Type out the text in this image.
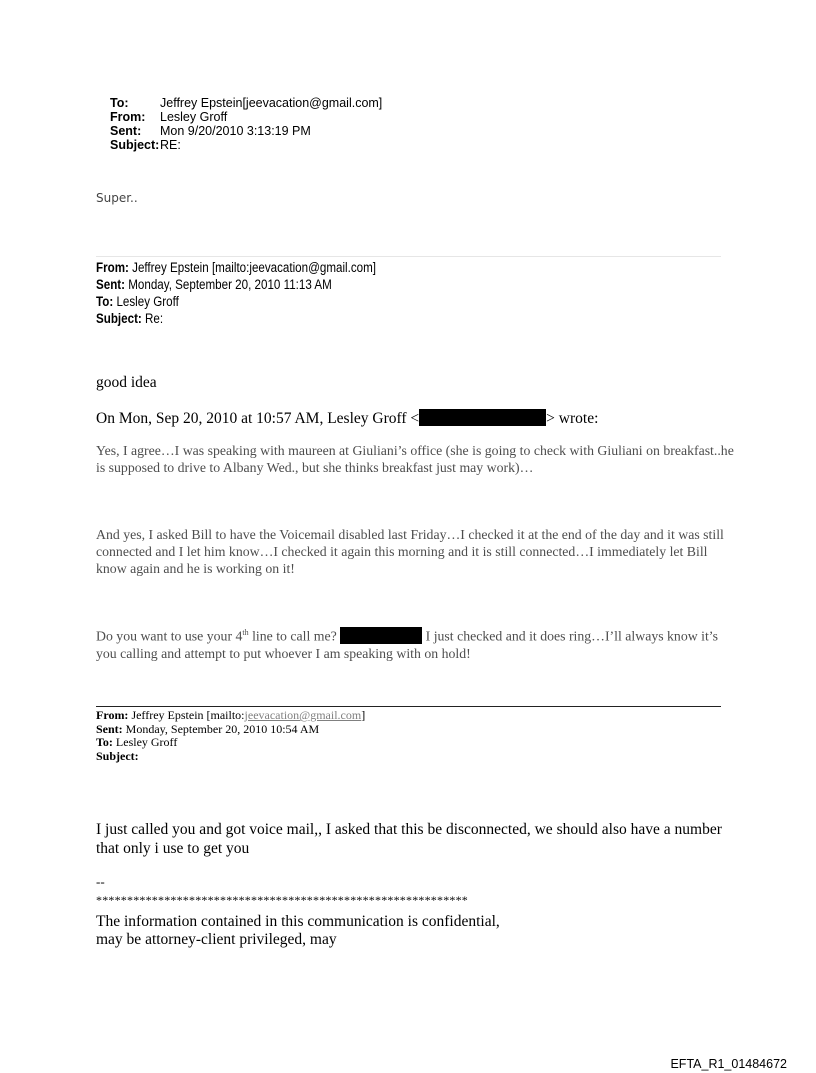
To:	Jeffrey Epstein[jeevacation@gmail.com]
From: Lesley Groff
Sent: Mon 9/20/2010 3:13:19 PM
Subject:RE:
Super..
From: Jeffrey Epstein [mailto:jeevacation@gmail.com]
Sent: Monday, September 20, 2010 11:13 AM
To: Lesley Groff
Subject: Re:
good idea
On Mon, Sep 20, 2010 at 10:57 AM, Lesley Groff <	> wrote:
Yes, I agree…I was speaking with maureen at Giuliani’s office (she is going to check with Giuliani on breakfast..he is supposed to drive to Albany Wed., but she thinks breakfast just may work)…
And yes, I asked Bill to have the Voicemail disabled last Friday…I checked it at the end of the day and it was still connected and I let him know…I checked it again this morning and it is still connected…I immediately let Bill know again and he is working on it!
Do you want to use your 4th line to call me?	I just checked and it does ring…I’ll always know it’s you calling and attempt to put whoever I am speaking with on hold!
From: Jeffrey Epstein [mailto:jeevacation@gmail.com]
Sent: Monday, September 20, 2010 10:54 AM
To: Lesley Groff
Subject:
I just called you and got voice mail,, I asked that this be disconnected, we should also have a number that only i use to get you
--
************************************************************
The information contained in this communication is confidential, may be attorney-client privileged, may
EFTA_R1_01484672
